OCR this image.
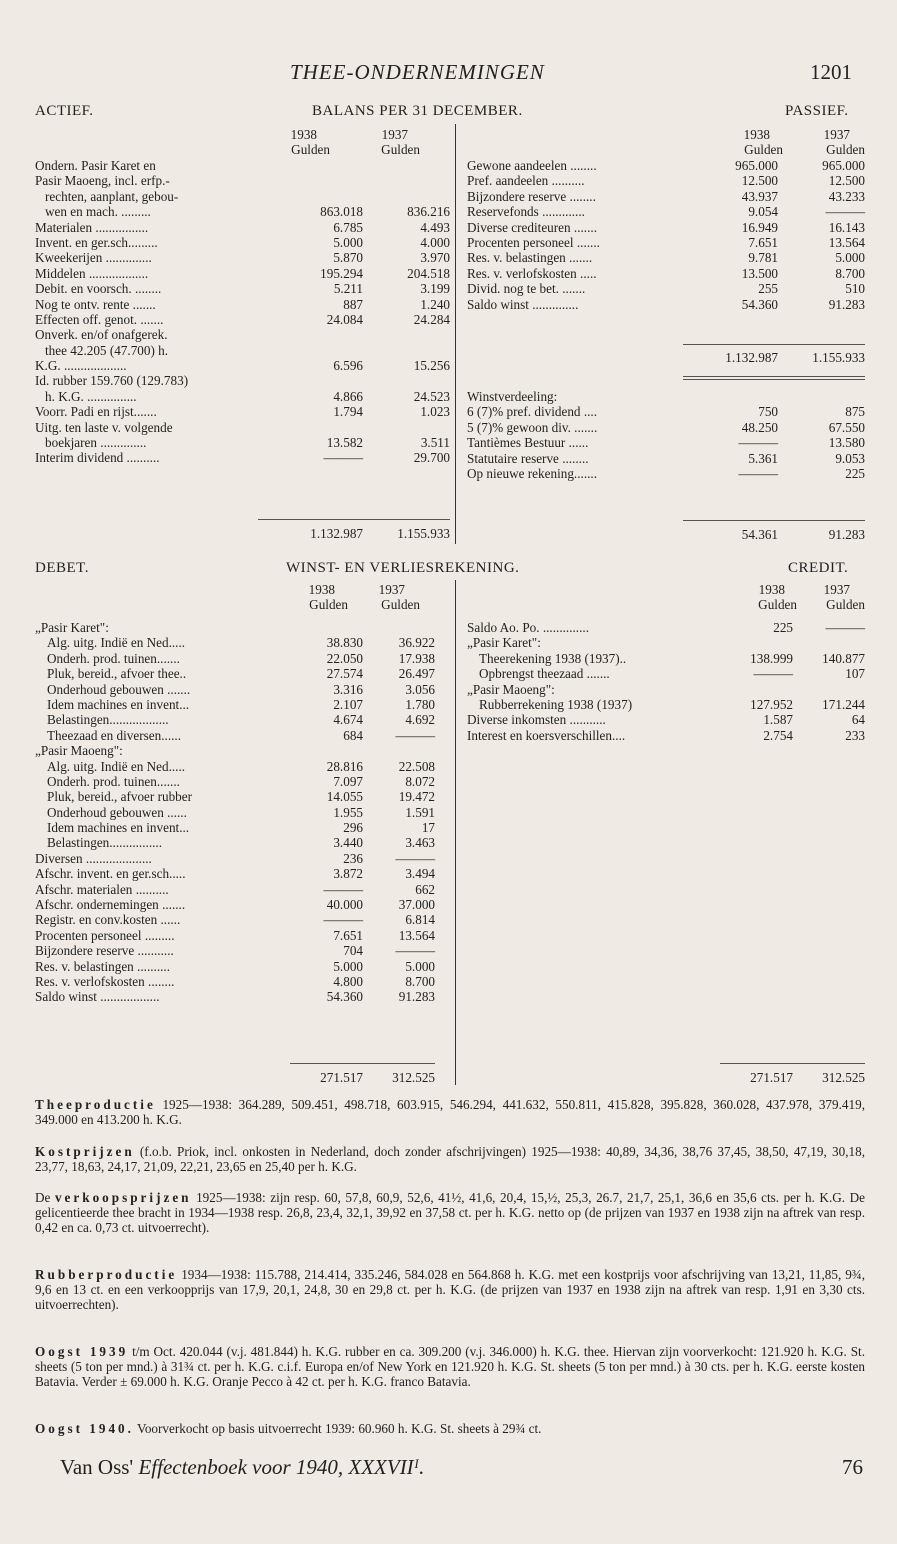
THEE-ONDERNEMINGEN	1201
ACTIEF.	BALANS PER 31 DECEMBER.	PASSIEF.
1938	1937
Gulden	Gulden
1938	1937
Gulden	Gulden
Ondern. Pasir Karet en
Pasir Maoeng, incl. erfp.-
rechten, aanplant, gebou-
wen en mach. .........	863.018	836.216
Materialen ................	6.785	4.493
Invent. en ger.sch.........	5.000	4.000
Kweekerijen ..............	5.870	3.970
Middelen ..................	195.294	204.518
Debit. en voorsch. ........	5.211	3.199
Nog te ontv. rente .......	887	1.240
Effecten off. genot. .......	24.084	24.284
Onverk. en/of onafgerek.
thee 42.205 (47.700) h.
K.G. ...................	6.596	15.256
Id. rubber 159.760 (129.783)
h. K.G. ...............	4.866	24.523
Voorr. Padi en rijst.......	1.794	1.023
Uitg. ten laste v. volgende
boekjaren ..............	13.582	3.511
Interim dividend ..........	———	29.700
Gewone aandeelen ........	965.000	965.000
Pref. aandeelen ..........	12.500	12.500
Bijzondere reserve ........	43.937	43.233
Reservefonds .............	9.054	———
Diverse crediteuren .......	16.949	16.143
Procenten personeel .......	7.651	13.564
Res. v. belastingen .......	9.781	5.000
Res. v. verlofskosten .....	13.500	8.700
Divid. nog te bet. .......	255	510
Saldo winst ..............	54.360	91.283
1.132.987	1.155.933
Winstverdeeling:
6 (7)% pref. dividend ....	750	875
5 (7)% gewoon div. .......	48.250	67.550
Tantièmes Bestuur ......	———	13.580
Statutaire reserve ........	5.361	9.053
Op nieuwe rekening.......	———	225
54.361	91.283
1.132.987	1.155.933
DEBET.	WINST- EN VERLIESREKENING.	CREDIT.
1938	1937
Gulden	Gulden
1938	1937
Gulden Gulden
„Pasir Karet":
Alg. uitg. Indië en Ned.....	38.830	36.922
Onderh. prod. tuinen.......	22.050	17.938
Pluk, bereid., afvoer thee..	27.574	26.497
Onderhoud gebouwen .......	3.316	3.056
Idem machines en invent...	2.107	1.780
Belastingen..................	4.674	4.692
Theezaad en diversen......	684 ———
„Pasir Maoeng":
Alg. uitg. Indië en Ned.....	28.816	22.508
Onderh. prod. tuinen.......	7.097	8.072
Pluk, bereid., afvoer rubber	14.055	19.472
Onderhoud gebouwen ......	1.955	1.591
Idem machines en invent...	296	17
Belastingen................	3.440	3.463
Diversen ....................	236 ———
Afschr. invent. en ger.sch.....	3.872	3.494
Afschr. materialen ..........	———	662
Afschr. ondernemingen .......	40.000	37.000
Registr. en conv.kosten ......	———	6.814
Procenten personeel .........	7.651	13.564
Bijzondere reserve ...........	704 ———
Res. v. belastingen ..........	5.000	5.000
Res. v. verlofskosten ........	4.800	8.700
Saldo winst ..................	54.360	91.283
Saldo Ao. Po. ..............	225 ———
„Pasir Karet":
Theerekening 1938 (1937)..	138.999 140.877
Opbrengst theezaad .......	———	107
„Pasir Maoeng":
Rubberrekening 1938 (1937)	127.952 171.244
Diverse inkomsten ...........	1.587	64
Interest en koersverschillen....	2.754	233
271.517 312.525	271.517 312.525
Theeproductie 1925—1938: 364.289, 509.451, 498.718, 603.915, 546.294, 441.632, 550.811, 415.828, 395.828, 360.028, 437.978, 379.419, 349.000 en 413.200 h. K.G.
Kostprijzen (f.o.b. Priok, incl. onkosten in Nederland, doch zonder afschrijvingen) 1925—1938: 40,89, 34,36, 38,76 37,45, 38,50, 47,19, 30,18, 23,77, 18,63, 24,17, 21,09, 22,21, 23,65 en 25,40 per h. K.G.
De verkoopsprijzen 1925—1938: zijn resp. 60, 57,8, 60,9, 52,6, 41½, 41,6, 20,4, 15,½, 25,3, 26.7, 21,7, 25,1, 36,6 en 35,6 cts. per h. K.G. De gelicentieerde thee bracht in 1934—1938 resp. 26,8, 23,4, 32,1, 39,92 en 37,58 ct. per h. K.G. netto op (de prijzen van 1937 en 1938 zijn na aftrek van resp. 0,42 en ca. 0,73 ct. uitvoerrecht).
Rubberproductie 1934—1938: 115.788, 214.414, 335.246, 584.028 en 564.868 h. K.G. met een kostprijs voor afschrijving van 13,21, 11,85, 9¾, 9,6 en 13 ct. en een verkoopprijs van 17,9, 20,1, 24,8, 30 en 29,8 ct. per h. K.G. (de prijzen van 1937 en 1938 zijn na aftrek van resp. 1,91 en 3,30 cts. uitvoerrechten).
Oogst 1939 t/m Oct. 420.044 (v.j. 481.844) h. K.G. rubber en ca. 309.200 (v.j. 346.000) h. K.G. thee. Hiervan zijn voorverkocht: 121.920 h. K.G. St. sheets (5 ton per mnd.) à 31¾ ct. per h. K.G. c.i.f. Europa en/of New York en 121.920 h. K.G. St. sheets (5 ton per mnd.) à 30 cts. per h. K.G. eerste kosten Batavia. Verder ± 69.000 h. K.G. Oranje Pecco à 42 ct. per h. K.G. franco Batavia.
Oogst 1940. Voorverkocht op basis uitvoerrecht 1939: 60.960 h. K.G. St. sheets à 29¾ ct.
Van Oss' Effectenboek voor 1940, XXXVIIᴵ.	76
